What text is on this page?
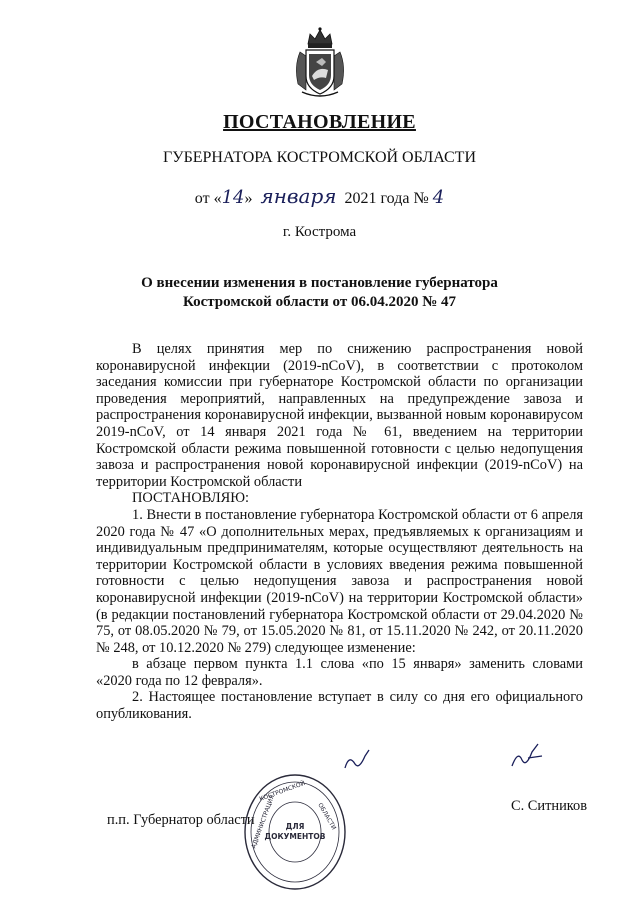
ПОСТАНОВЛЕНИЕ
ГУБЕРНАТОРА КОСТРОМСКОЙ ОБЛАСТИ
от «14» января 2021 года № 4
г. Кострома
О внесении изменения в постановление губернатора
Костромской области от 06.04.2020 № 47

В целях принятия мер по снижению распространения новой коронавирусной инфекции (2019-nCoV), в соответствии с протоколом заседания комиссии при губернаторе Костромской области по организации проведения мероприятий, направленных на предупреждение завоза и распространения коронавирусной инфекции, вызванной новым коронавирусом 2019-nCoV, от 14 января 2021 года № 61, введением на территории Костромской области режима повышенной готовности с целью недопущения завоза и распространения новой коронавирусной инфекции (2019-nCoV) на территории Костромской области

ПОСТАНОВЛЯЮ:

1. Внести в постановление губернатора Костромской области от 6 апреля 2020 года № 47 «О дополнительных мерах, предъявляемых к организациям и индивидуальным предпринимателям, которые осуществляют деятельность на территории Костромской области в условиях введения режима повышенной готовности с целью недопущения завоза и распространения новой коронавирусной инфекции (2019-nCoV) на территории Костромской области» (в редакции постановлений губернатора Костромской области от 29.04.2020 № 75, от 08.05.2020 № 79, от 15.05.2020 № 81, от 15.11.2020 № 242, от 20.11.2020 № 248, от 10.12.2020 № 279) следующее изменение:

в абзаце первом пункта 1.1 слова «по 15 января» заменить словами «2020 года по 12 февраля».

2. Настоящее постановление вступает в силу со дня его официального опубликования.

п.п. Губернатор области
С. Ситников
КОСТРОМСКОЙ
ОБЛАСТИ
АДМИНИСТРАЦИЯ ДЛЯ
ДОКУМЕНТОВ
